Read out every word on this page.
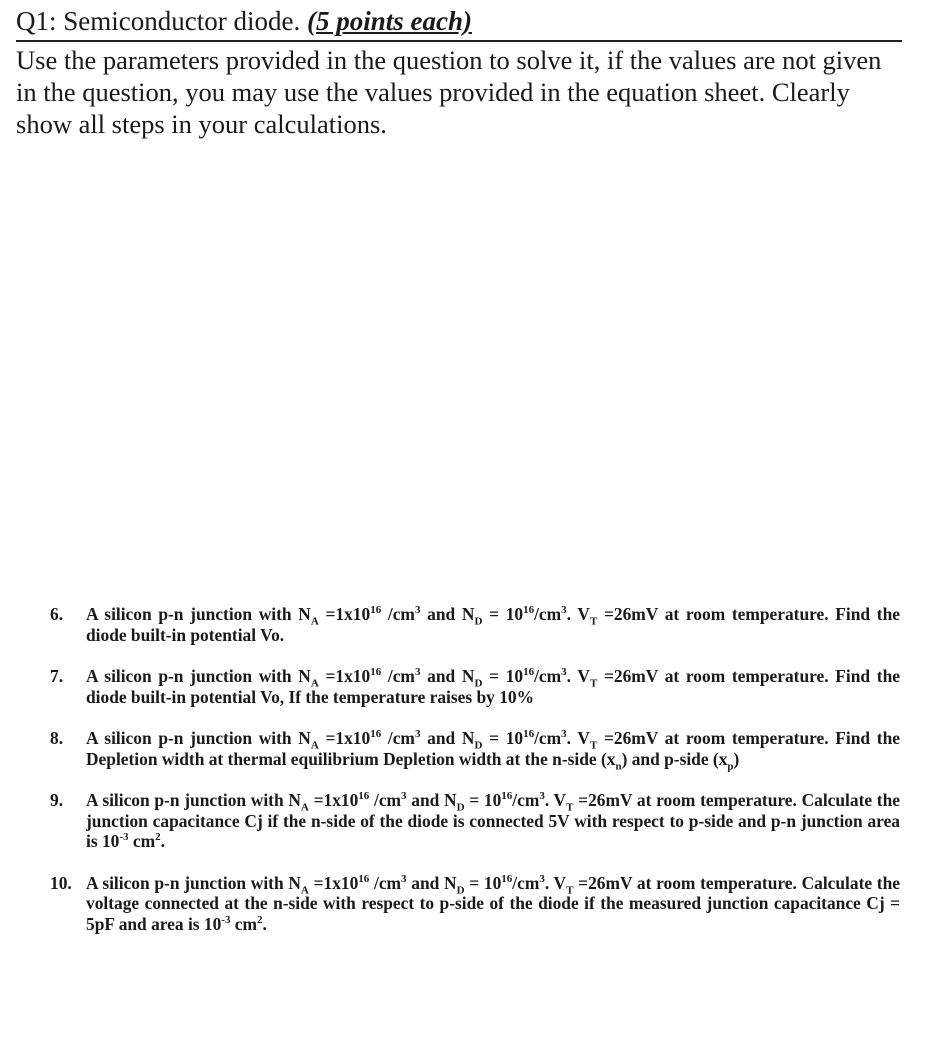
Q1: Semiconductor diode. (5 points each)
Use the parameters provided in the question to solve it, if the values are not given in the question, you may use the values provided in the equation sheet. Clearly show all steps in your calculations.
6. A silicon p-n junction with $N_A =1x10^{16}$ $/cm^3$ and $N_D = 10^{16}/cm^3$. $V_T =26mV$ at room temperature. Find the diode built-in potential Vo.
7. A silicon p-n junction with $N_A =1x10^{16}$ $/cm^3$ and $N_D = 10^{16}/cm^3$. $V_T =26mV$ at room temperature. Find the diode built-in potential Vo, If the temperature raises by 10%
8. A silicon p-n junction with $N_A =1x10^{16}$ $/cm^3$ and $N_D = 10^{16}/cm^3$. $V_T =26mV$ at room temperature. Find the Depletion width at thermal equilibrium Depletion width at the n-side $(x_n)$ and p-side $(x_p)$
9. A silicon p-n junction with $N_A =1x10^{16}$ $/cm^3$ and $N_D = 10^{16}/cm^3$. $V_T =26mV$ at room temperature. Calculate the junction capacitance Cj if the n-side of the diode is connected 5V with respect to p-side and p-n junction area is $10^{-3}$ $cm^2$.
10. A silicon p-n junction with $N_A =1x10^{16}$ $/cm^3$ and $N_D = 10^{16}/cm^3$. $V_T =26mV$ at room temperature. Calculate the voltage connected at the n-side with respect to p-side of the diode if the measured junction capacitance Cj = 5pF and area is $10^{-3}$ $cm^2$.
